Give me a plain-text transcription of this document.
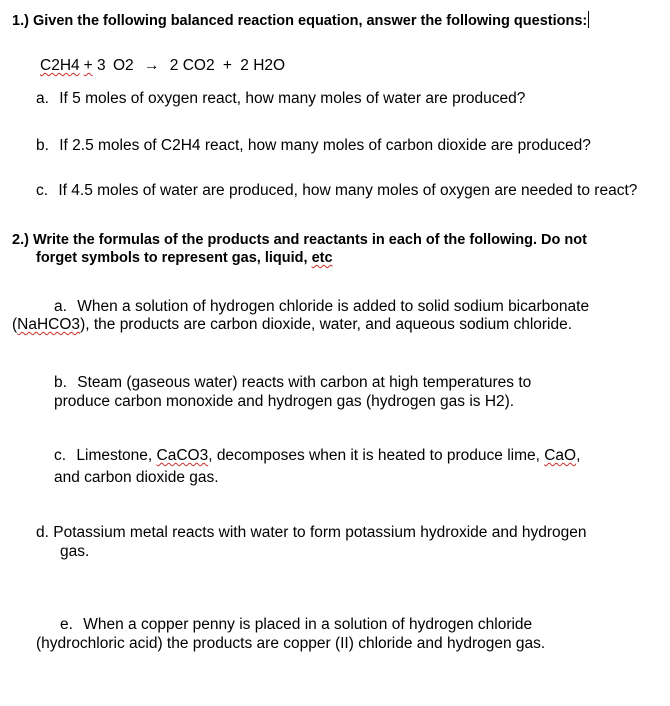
1.) Given the following balanced reaction equation, answer the following questions:
C2H4 + 3 O2 → 2 CO2 + 2 H2O
a. If 5 moles of oxygen react, how many moles of water are produced?
b. If 2.5 moles of C2H4 react, how many moles of carbon dioxide are produced?
c. If 4.5 moles of water are produced, how many moles of oxygen are needed to react?
2.) Write the formulas of the products and reactants in each of the following. Do not
forget symbols to represent gas, liquid, etc
a. When a solution of hydrogen chloride is added to solid sodium bicarbonate
(NaHCO3), the products are carbon dioxide, water, and aqueous sodium chloride.
b. Steam (gaseous water) reacts with carbon at high temperatures to
produce carbon monoxide and hydrogen gas (hydrogen gas is H2).
c. Limestone, CaCO3, decomposes when it is heated to produce lime, CaO,
and carbon dioxide gas.
d. Potassium metal reacts with water to form potassium hydroxide and hydrogen
gas.
e. When a copper penny is placed in a solution of hydrogen chloride
(hydrochloric acid) the products are copper (II) chloride and hydrogen gas.
